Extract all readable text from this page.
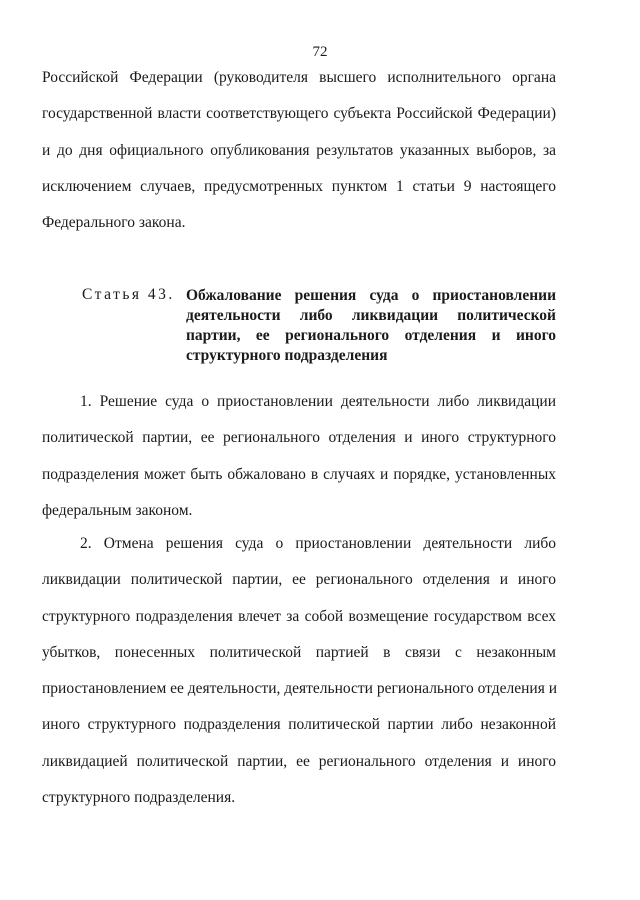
72
Российской Федерации (руководителя высшего исполнительного органа
государственной власти соответствующего субъекта Российской Федерации)
и до дня официального опубликования результатов указанных выборов, за
исключением случаев, предусмотренных пунктом 1 статьи 9 настоящего
Федерального закона.
Статья 43. Обжалование решения суда о приостановлении
деятельности либо ликвидации политической
партии, ее регионального отделения и иного
структурного подразделения
1. Решение суда о приостановлении деятельности либо ликвидации
политической партии, ее регионального отделения и иного структурного
подразделения может быть обжаловано в случаях и порядке, установленных
федеральным законом.
2. Отмена решения суда о приостановлении деятельности либо
ликвидации политической партии, ее регионального отделения и иного
структурного подразделения влечет за собой возмещение государством всех
убытков, понесенных политической партией в связи с незаконным
приостановлением ее деятельности, деятельности регионального отделения и
иного структурного подразделения политической партии либо незаконной
ликвидацией политической партии, ее регионального отделения и иного
структурного подразделения.
